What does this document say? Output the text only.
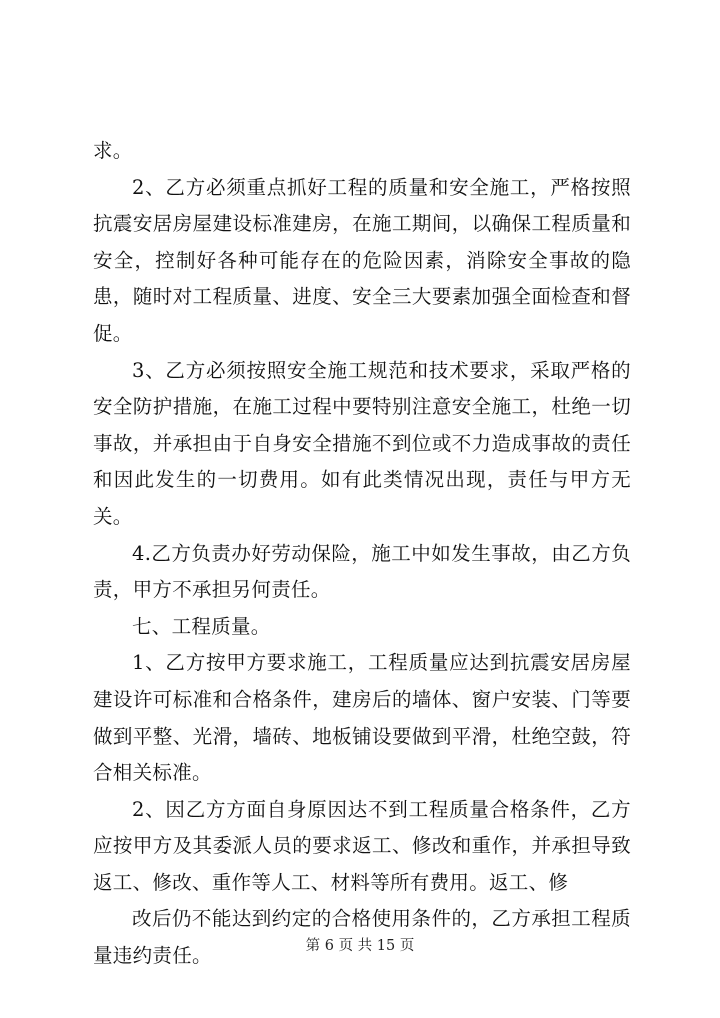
求。

2、乙方必须重点抓好工程的质量和安全施工，严格按照抗震安居房屋建设标准建房，在施工期间，以确保工程质量和安全，控制好各种可能存在的危险因素，消除安全事故的隐患，随时对工程质量、进度、安全三大要素加强全面检查和督促。

3、乙方必须按照安全施工规范和技术要求，采取严格的安全防护措施，在施工过程中要特别注意安全施工，杜绝一切事故，并承担由于自身安全措施不到位或不力造成事故的责任和因此发生的一切费用。如有此类情况出现，责任与甲方无关。

4.乙方负责办好劳动保险，施工中如发生事故，由乙方负责，甲方不承担另何责任。

七、工程质量。

1、乙方按甲方要求施工，工程质量应达到抗震安居房屋建设许可标准和合格条件，建房后的墙体、窗户安装、门等要做到平整、光滑，墙砖、地板铺设要做到平滑，杜绝空鼓，符合相关标准。

2、因乙方方面自身原因达不到工程质量合格条件，乙方应按甲方及其委派人员的要求返工、修改和重作，并承担导致返工、修改、重作等人工、材料等所有费用。返工、修

改后仍不能达到约定的合格使用条件的，乙方承担工程质量违约责任。	第 6 页 共 15 页
